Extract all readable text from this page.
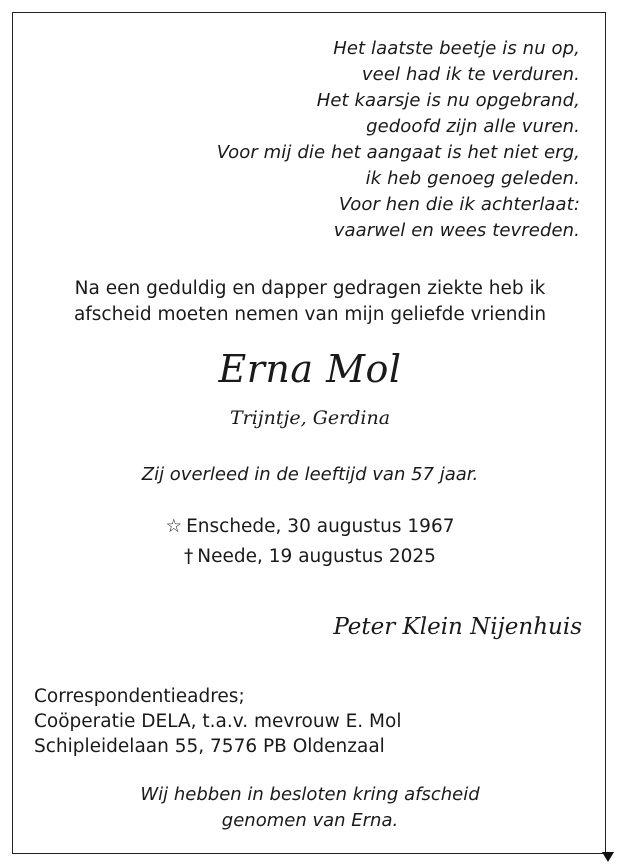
Het laatste beetje is nu op,
veel had ik te verduren.
Het kaarsje is nu opgebrand,
gedoofd zijn alle vuren.
Voor mij die het aangaat is het niet erg,
ik heb genoeg geleden.
Voor hen die ik achterlaat:
vaarwel en wees tevreden.
Na een geduldig en dapper gedragen ziekte heb ik
afscheid moeten nemen van mijn geliefde vriendin
Erna Mol
Trijntje, Gerdina
Zij overleed in de leeftijd van 57 jaar.
☆ Enschede, 30 augustus 1967
† Neede, 19 augustus 2025
Peter Klein Nijenhuis
Correspondentieadres;
Coöperatie DELA, t.a.v. mevrouw E. Mol
Schipleidelaan 55, 7576 PB Oldenzaal
Wij hebben in besloten kring afscheid
genomen van Erna.
